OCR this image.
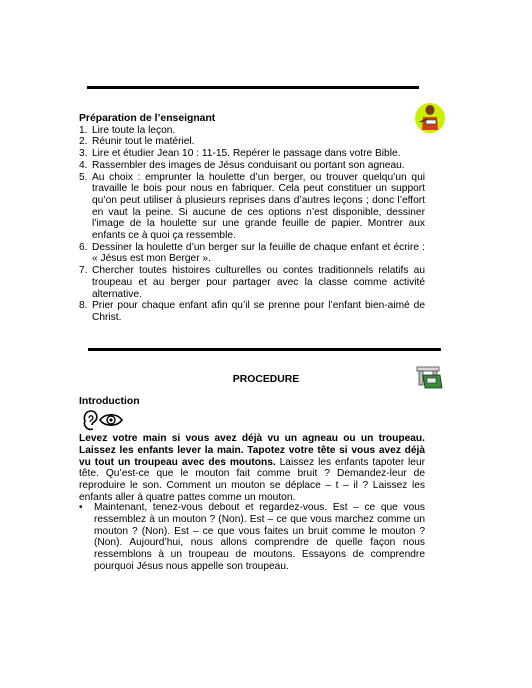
Préparation de l’enseignant
1. Lire toute la leçon.
2. Réunir tout le matériel.
3. Lire et étudier Jean 10 : 11-15. Repérer le passage dans votre Bible.
4. Rassembler des images de Jésus conduisant ou portant son agneau.
5. Au choix : emprunter la houlette d’un berger, ou trouver quelqu’un qui travaille le bois pour nous en fabriquer. Cela peut constituer un support qu’on peut utiliser à plusieurs reprises dans d’autres leçons ; donc l’effort en vaut la peine. Si aucune de ces options n’est disponible, dessiner l’image de la houlette sur une grande feuille de papier. Montrer aux enfants ce à quoi ça ressemble.
6. Dessiner la houlette d’un berger sur la feuille de chaque enfant et écrire : « Jésus est mon Berger ».
7. Chercher toutes histoires culturelles ou contes traditionnels relatifs au troupeau et au berger pour partager avec la classe comme activité alternative.
8. Prier pour chaque enfant afin qu’il se prenne pour l’enfant bien-aimé de Christ.
PROCEDURE
Introduction

Levez votre main si vous avez déjà vu un agneau ou un troupeau. Laissez les enfants lever la main. Tapotez votre tête si vous avez déjà vu tout un troupeau avec des moutons. Laissez les enfants tapoter leur tête. Qu’est-ce que le mouton fait comme bruit ? Demandez-leur de reproduire le son. Comment un mouton se déplace – t – il ? Laissez les enfants aller à quatre pattes comme un mouton.

•	Maintenant, tenez-vous debout et regardez-vous. Est – ce que vous ressemblez à un mouton ? (Non). Est – ce que vous marchez comme un mouton ? (Non). Est – ce que vous faites un bruit comme le mouton ? (Non). Aujourd’hui, nous allons comprendre de quelle façon nous ressemblons à un troupeau de moutons. Essayons de comprendre pourquoi Jésus nous appelle son troupeau.
